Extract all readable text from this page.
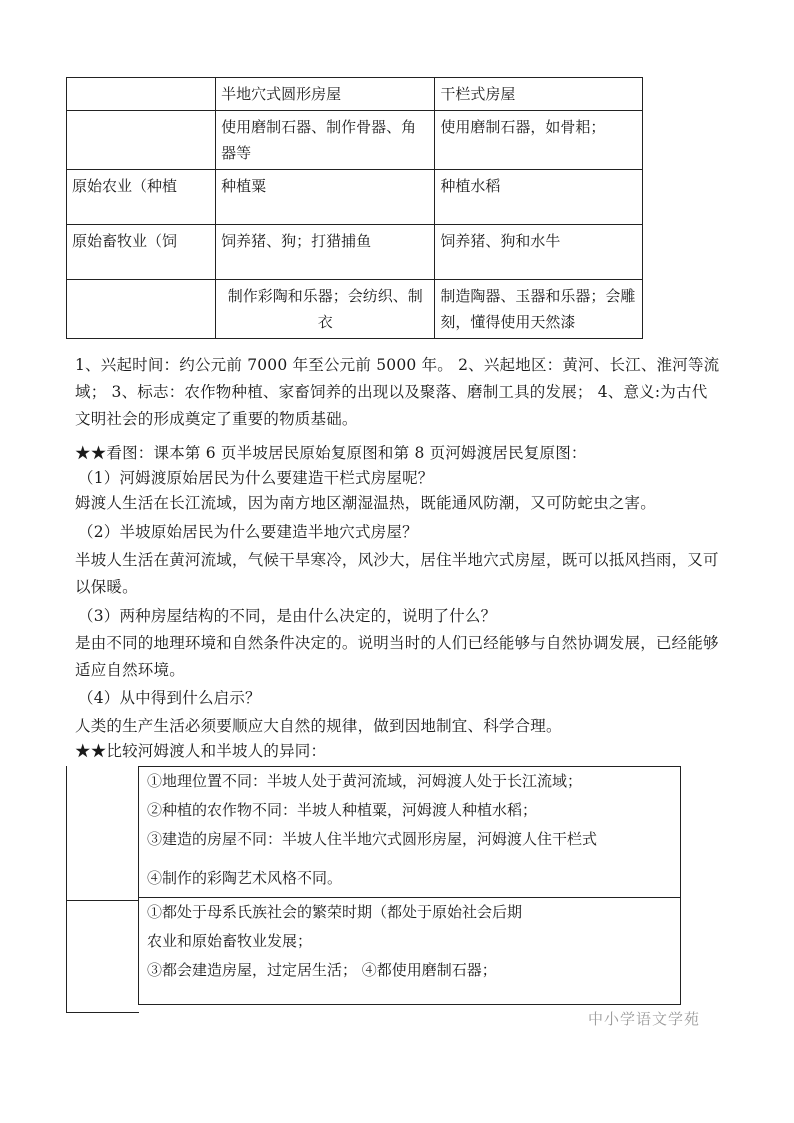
	半地穴式圆形房屋	干栏式房屋
	使用磨制石器、制作骨器、角器等	使用磨制石器，如骨耜；
原始农业（种植	种植粟	种植水稻
原始畜牧业（饲	饲养猪、狗；打猎捕鱼	饲养猪、狗和水牛
	制作彩陶和乐器；会纺织、制衣	制造陶器、玉器和乐器；会雕刻，懂得使用天然漆
1、兴起时间：约公元前 7000 年至公元前 5000 年。 2、兴起地区：黄河、长江、淮河等流域； 3、标志：农作物种植、家畜饲养的出现以及聚落、磨制工具的发展； 4、意义:为古代文明社会的形成奠定了重要的物质基础。
★★看图：课本第 6 页半坡居民原始复原图和第 8 页河姆渡居民复原图：
（1）河姆渡原始居民为什么要建造干栏式房屋呢？
姆渡人生活在长江流域，因为南方地区潮湿温热，既能通风防潮，又可防蛇虫之害。
（2）半坡原始居民为什么要建造半地穴式房屋？
半坡人生活在黄河流域，气候干旱寒冷，风沙大，居住半地穴式房屋，既可以抵风挡雨，又可以保暖。
（3）两种房屋结构的不同，是由什么决定的，说明了什么？
是由不同的地理环境和自然条件决定的。说明当时的人们已经能够与自然协调发展，已经能够适应自然环境。
（4）从中得到什么启示？
人类的生产生活必须要顺应大自然的规律，做到因地制宜、科学合理。
★★比较河姆渡人和半坡人的异同：
①地理位置不同：半坡人处于黄河流域，河姆渡人处于长江流域；
②种植的农作物不同：半坡人种植粟，河姆渡人种植水稻；
③建造的房屋不同：半坡人住半地穴式圆形房屋，河姆渡人住干栏式
④制作的彩陶艺术风格不同。

①都处于母系氏族社会的繁荣时期（都处于原始社会后期
农业和原始畜牧业发展；
③都会建造房屋，过定居生活； ④都使用磨制石器；
中小学语文学苑
